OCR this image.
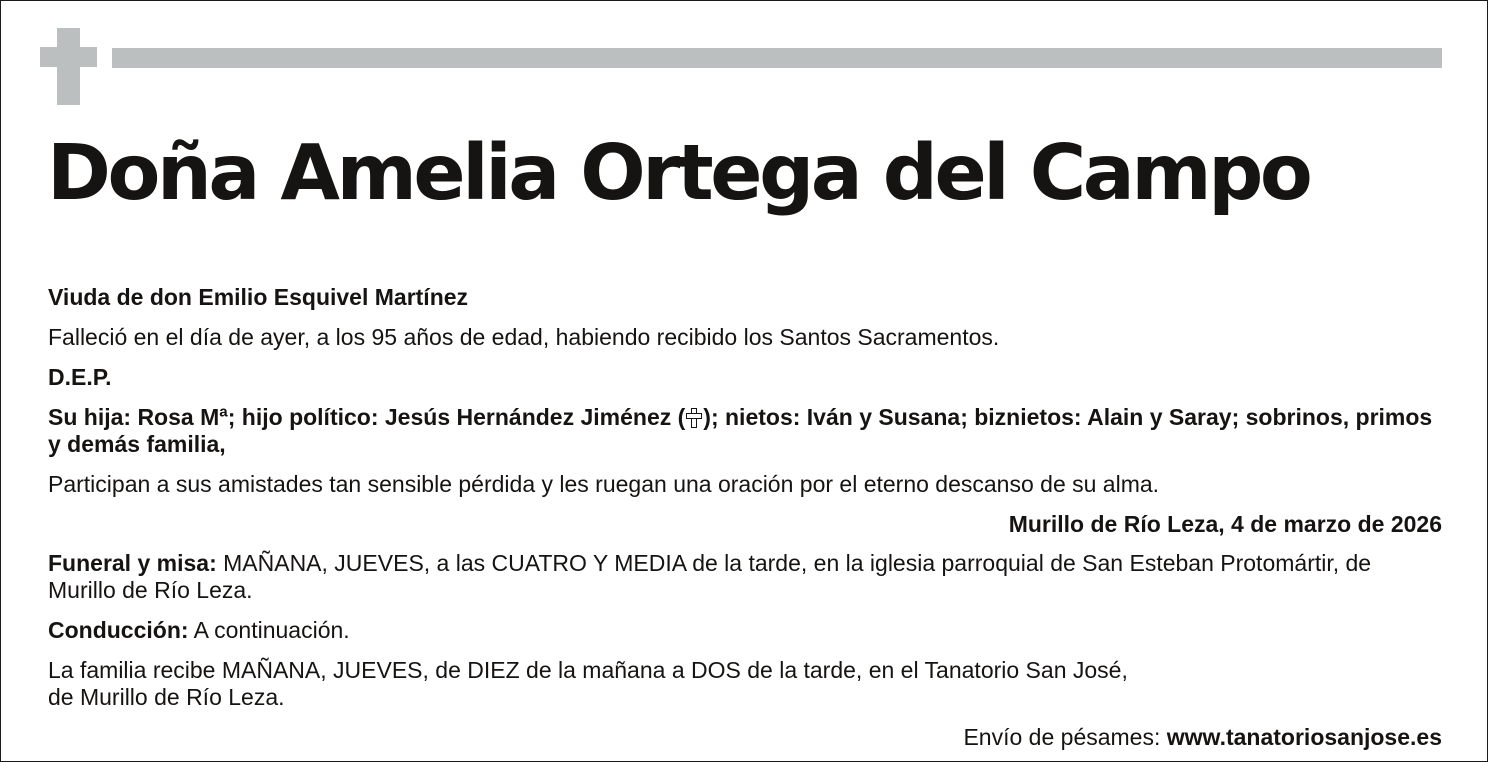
Doña Amelia Ortega del Campo

Viuda de don Emilio Esquivel Martínez

Falleció en el día de ayer, a los 95 años de edad, habiendo recibido los Santos Sacramentos.

D.E.P.

Su hija: Rosa Mª; hijo político: Jesús Hernández Jiménez ( ); nietos: Iván y Susana; biznietos: Alain y Saray; sobrinos, primos y demás familia,

Participan a sus amistades tan sensible pérdida y les ruegan una oración por el eterno descanso de su alma.

Murillo de Río Leza, 4 de marzo de 2026

Funeral y misa: MAÑANA, JUEVES, a las CUATRO Y MEDIA de la tarde, en la iglesia parroquial de San Esteban Protomártir, de Murillo de Río Leza.

Conducción: A continuación.

La familia recibe MAÑANA, JUEVES, de DIEZ de la mañana a DOS de la tarde, en el Tanatorio San José,
de Murillo de Río Leza.

Envío de pésames: www.tanatoriosanjose.es
